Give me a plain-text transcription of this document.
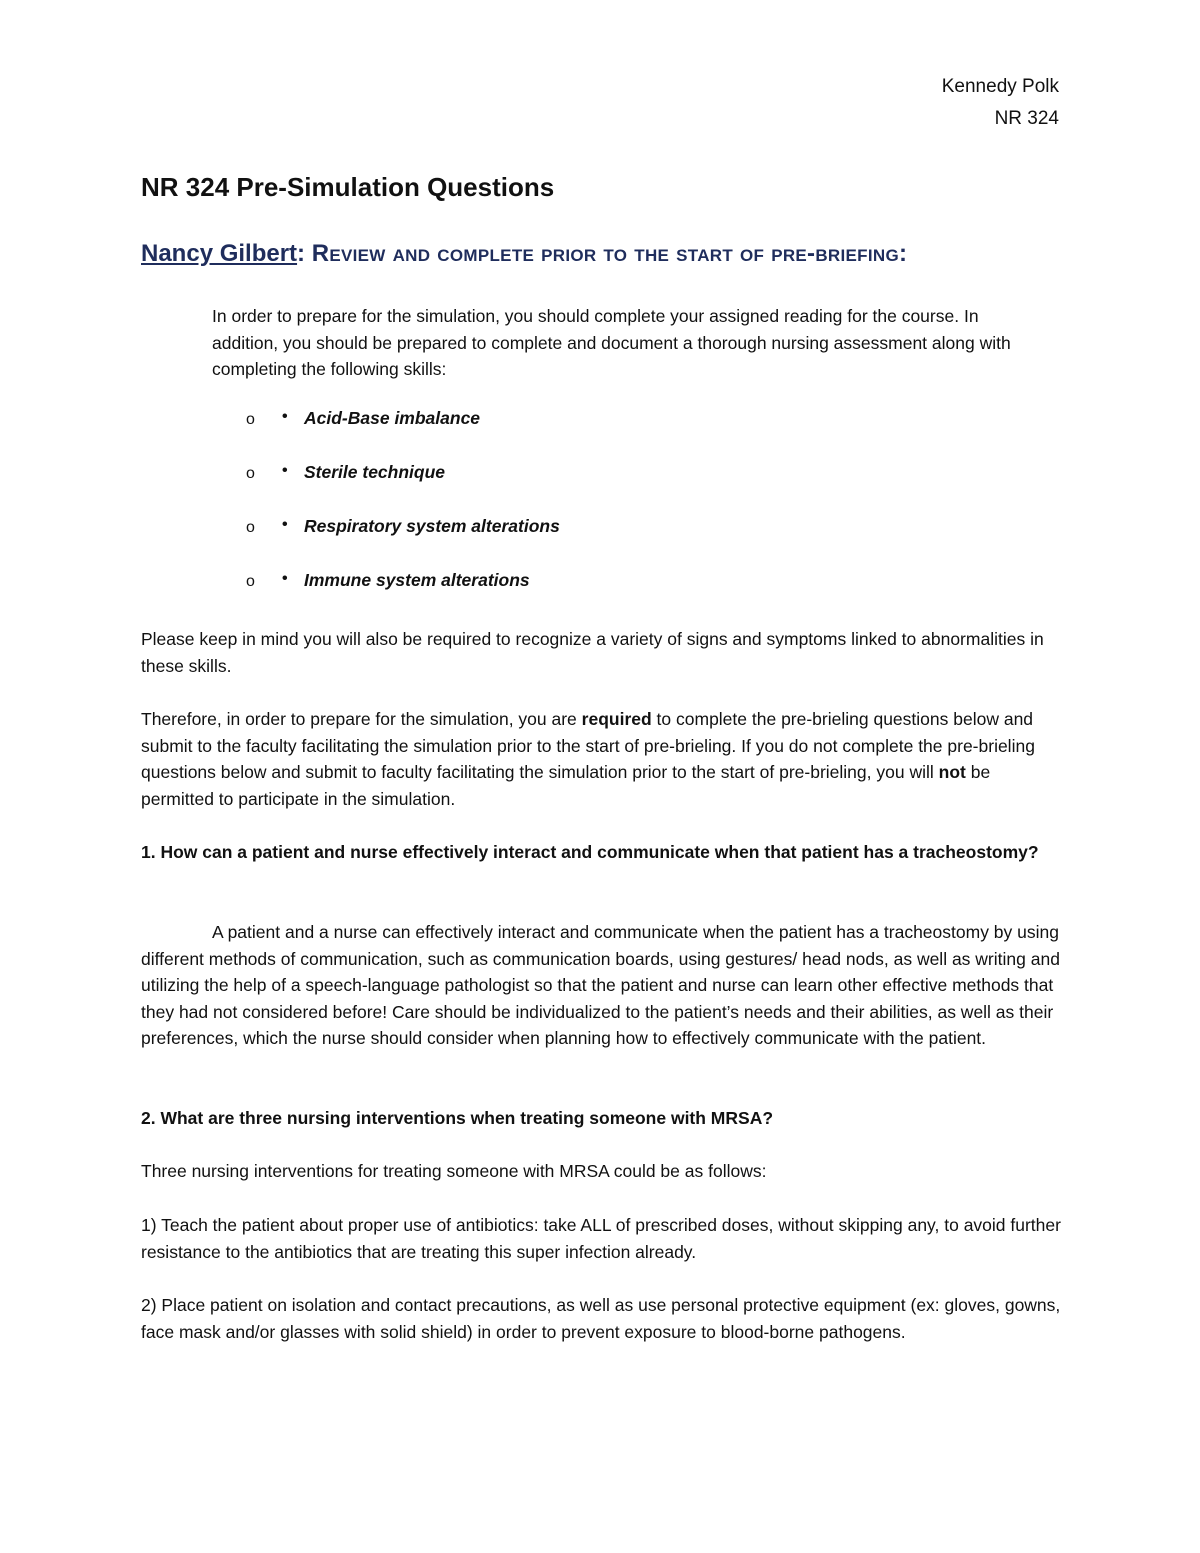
Kennedy Polk
NR 324
NR 324 Pre-Simulation Questions
Nancy Gilbert: Review and complete prior to the start of pre-briefing:

In order to prepare for the simulation, you should complete your assigned reading for the course. In addition, you should be prepared to complete and document a thorough nursing assessment along with completing the following skills:

o	• Acid-Base imbalance
o	• Sterile technique
o	• Respiratory system alterations
o	• Immune system alterations

Please keep in mind you will also be required to recognize a variety of signs and symptoms linked to abnormalities in these skills.

Therefore, in order to prepare for the simulation, you are required to complete the pre-brieling questions below and submit to the faculty facilitating the simulation prior to the start of pre-brieling. If you do not complete the pre-brieling questions below and submit to faculty facilitating the simulation prior to the start of pre-brieling, you will not be permitted to participate in the simulation.

1. How can a patient and nurse effectively interact and communicate when that patient has a tracheostomy?

A patient and a nurse can effectively interact and communicate when the patient has a tracheostomy by using different methods of communication, such as communication boards, using gestures/ head nods, as well as writing and utilizing the help of a speech-language pathologist so that the patient and nurse can learn other effective methods that they had not considered before! Care should be individualized to the patient’s needs and their abilities, as well as their preferences, which the nurse should consider when planning how to effectively communicate with the patient.

2. What are three nursing interventions when treating someone with MRSA?

Three nursing interventions for treating someone with MRSA could be as follows:

1) Teach the patient about proper use of antibiotics: take ALL of prescribed doses, without skipping any, to avoid further resistance to the antibiotics that are treating this super infection already.

2) Place patient on isolation and contact precautions, as well as use personal protective equipment (ex: gloves, gowns, face mask and/or glasses with solid shield) in order to prevent exposure to blood-borne pathogens.
